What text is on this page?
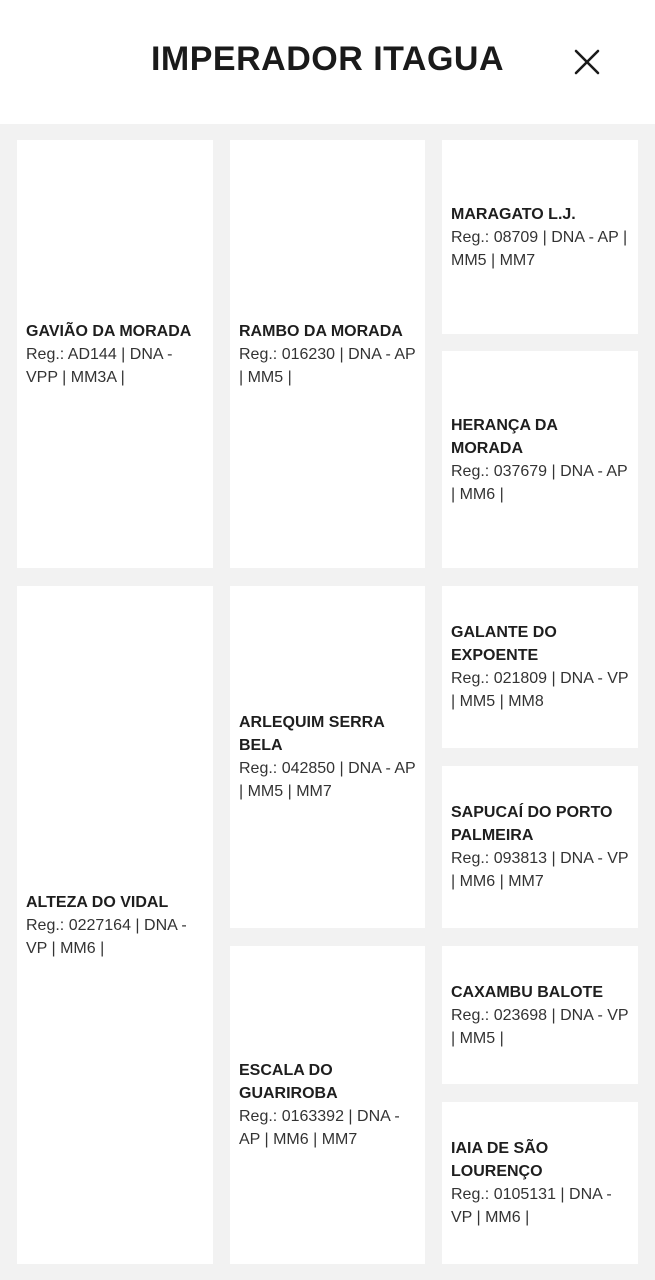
IMPERADOR ITAGUA

GAVIÃO DA MORADA

Reg.: AD144 | DNA - VPP | MM3A |

ALTEZA DO VIDAL

Reg.: 0227164 | DNA - VP | MM6 |

RAMBO DA MORADA

Reg.: 016230 | DNA - AP | MM5 |

ARLEQUIM SERRA BELA

Reg.: 042850 | DNA - AP | MM5 | MM7

ESCALA DO GUARIROBA

Reg.: 0163392 | DNA - AP | MM6 | MM7

MARAGATO L.J.

Reg.: 08709 | DNA - AP | MM5 | MM7

HERANÇA DA MORADA

Reg.: 037679 | DNA - AP | MM6 |

GALANTE DO EXPOENTE

Reg.: 021809 | DNA - VP | MM5 | MM8

SAPUCAÍ DO PORTO PALMEIRA

Reg.: 093813 | DNA - VP | MM6 | MM7

CAXAMBU BALOTE

Reg.: 023698 | DNA - VP | MM5 |

IAIA DE SÃO LOURENÇO

Reg.: 0105131 | DNA - VP | MM6 |
